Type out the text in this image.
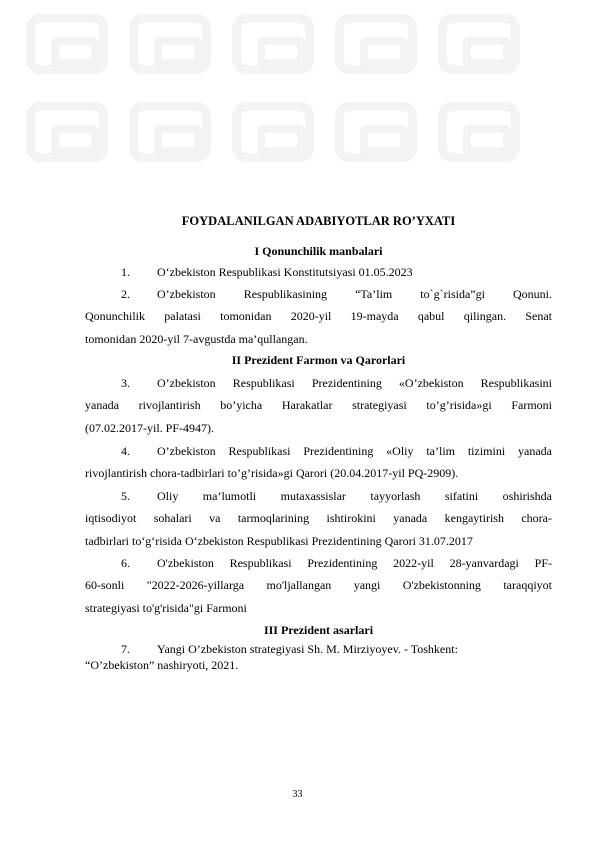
FOYDALANILGAN ADABIYOTLAR RO’YXATI
I Qonunchilik manbalari
1.	O‘zbekiston Respublikasi Konstitutsiyasi 01.05.2023
2.	O’zbekiston Respublikasining “Ta’lim to`g`risida”gi Qonuni.
Qonunchilik palatasi tomonidan 2020-yil 19-mayda qabul qilingan. Senat
tomonidan 2020-yil 7-avgustda ma’qullangan.
II Prezident Farmon va Qarorlari
3.	O’zbekiston Respublikasi Prezidentining «O’zbekiston Respublikasini
yanada rivojlantirish bo’yicha Harakatlar strategiyasi to’g’risida»gi Farmoni
(07.02.2017-yil. PF-4947).
4.	O’zbekiston Respublikasi Prezidentining «Oliy ta’lim tizimini yanada
rivojlantirish chora-tadbirlari to’g’risida»gi Qarori (20.04.2017-yil PQ-2909).
5.	Oliy ma’lumotli mutaxassislar tayyorlash sifatini oshirishda
iqtisodiyot sohalari va tarmoqlarining ishtirokini yanada kengaytirish chora-
tadbirlari to‘g‘risida O‘zbekiston Respublikasi Prezidentining Qarori 31.07.2017
6.	O'zbekiston Respublikasi Prezidentining 2022-yil 28-yanvardagi PF-
60-sonli "2022-2026-yillarga mo'ljallangan yangi O'zbekistonning taraqqiyot
strategiyasi to'g'risida"gi Farmoni
III Prezident asarlari
7.	Yangi O’zbekiston strategiyasi Sh. M. Mirziyoyev. - Toshkent:
“O’zbekiston” nashiryoti, 2021.
33
